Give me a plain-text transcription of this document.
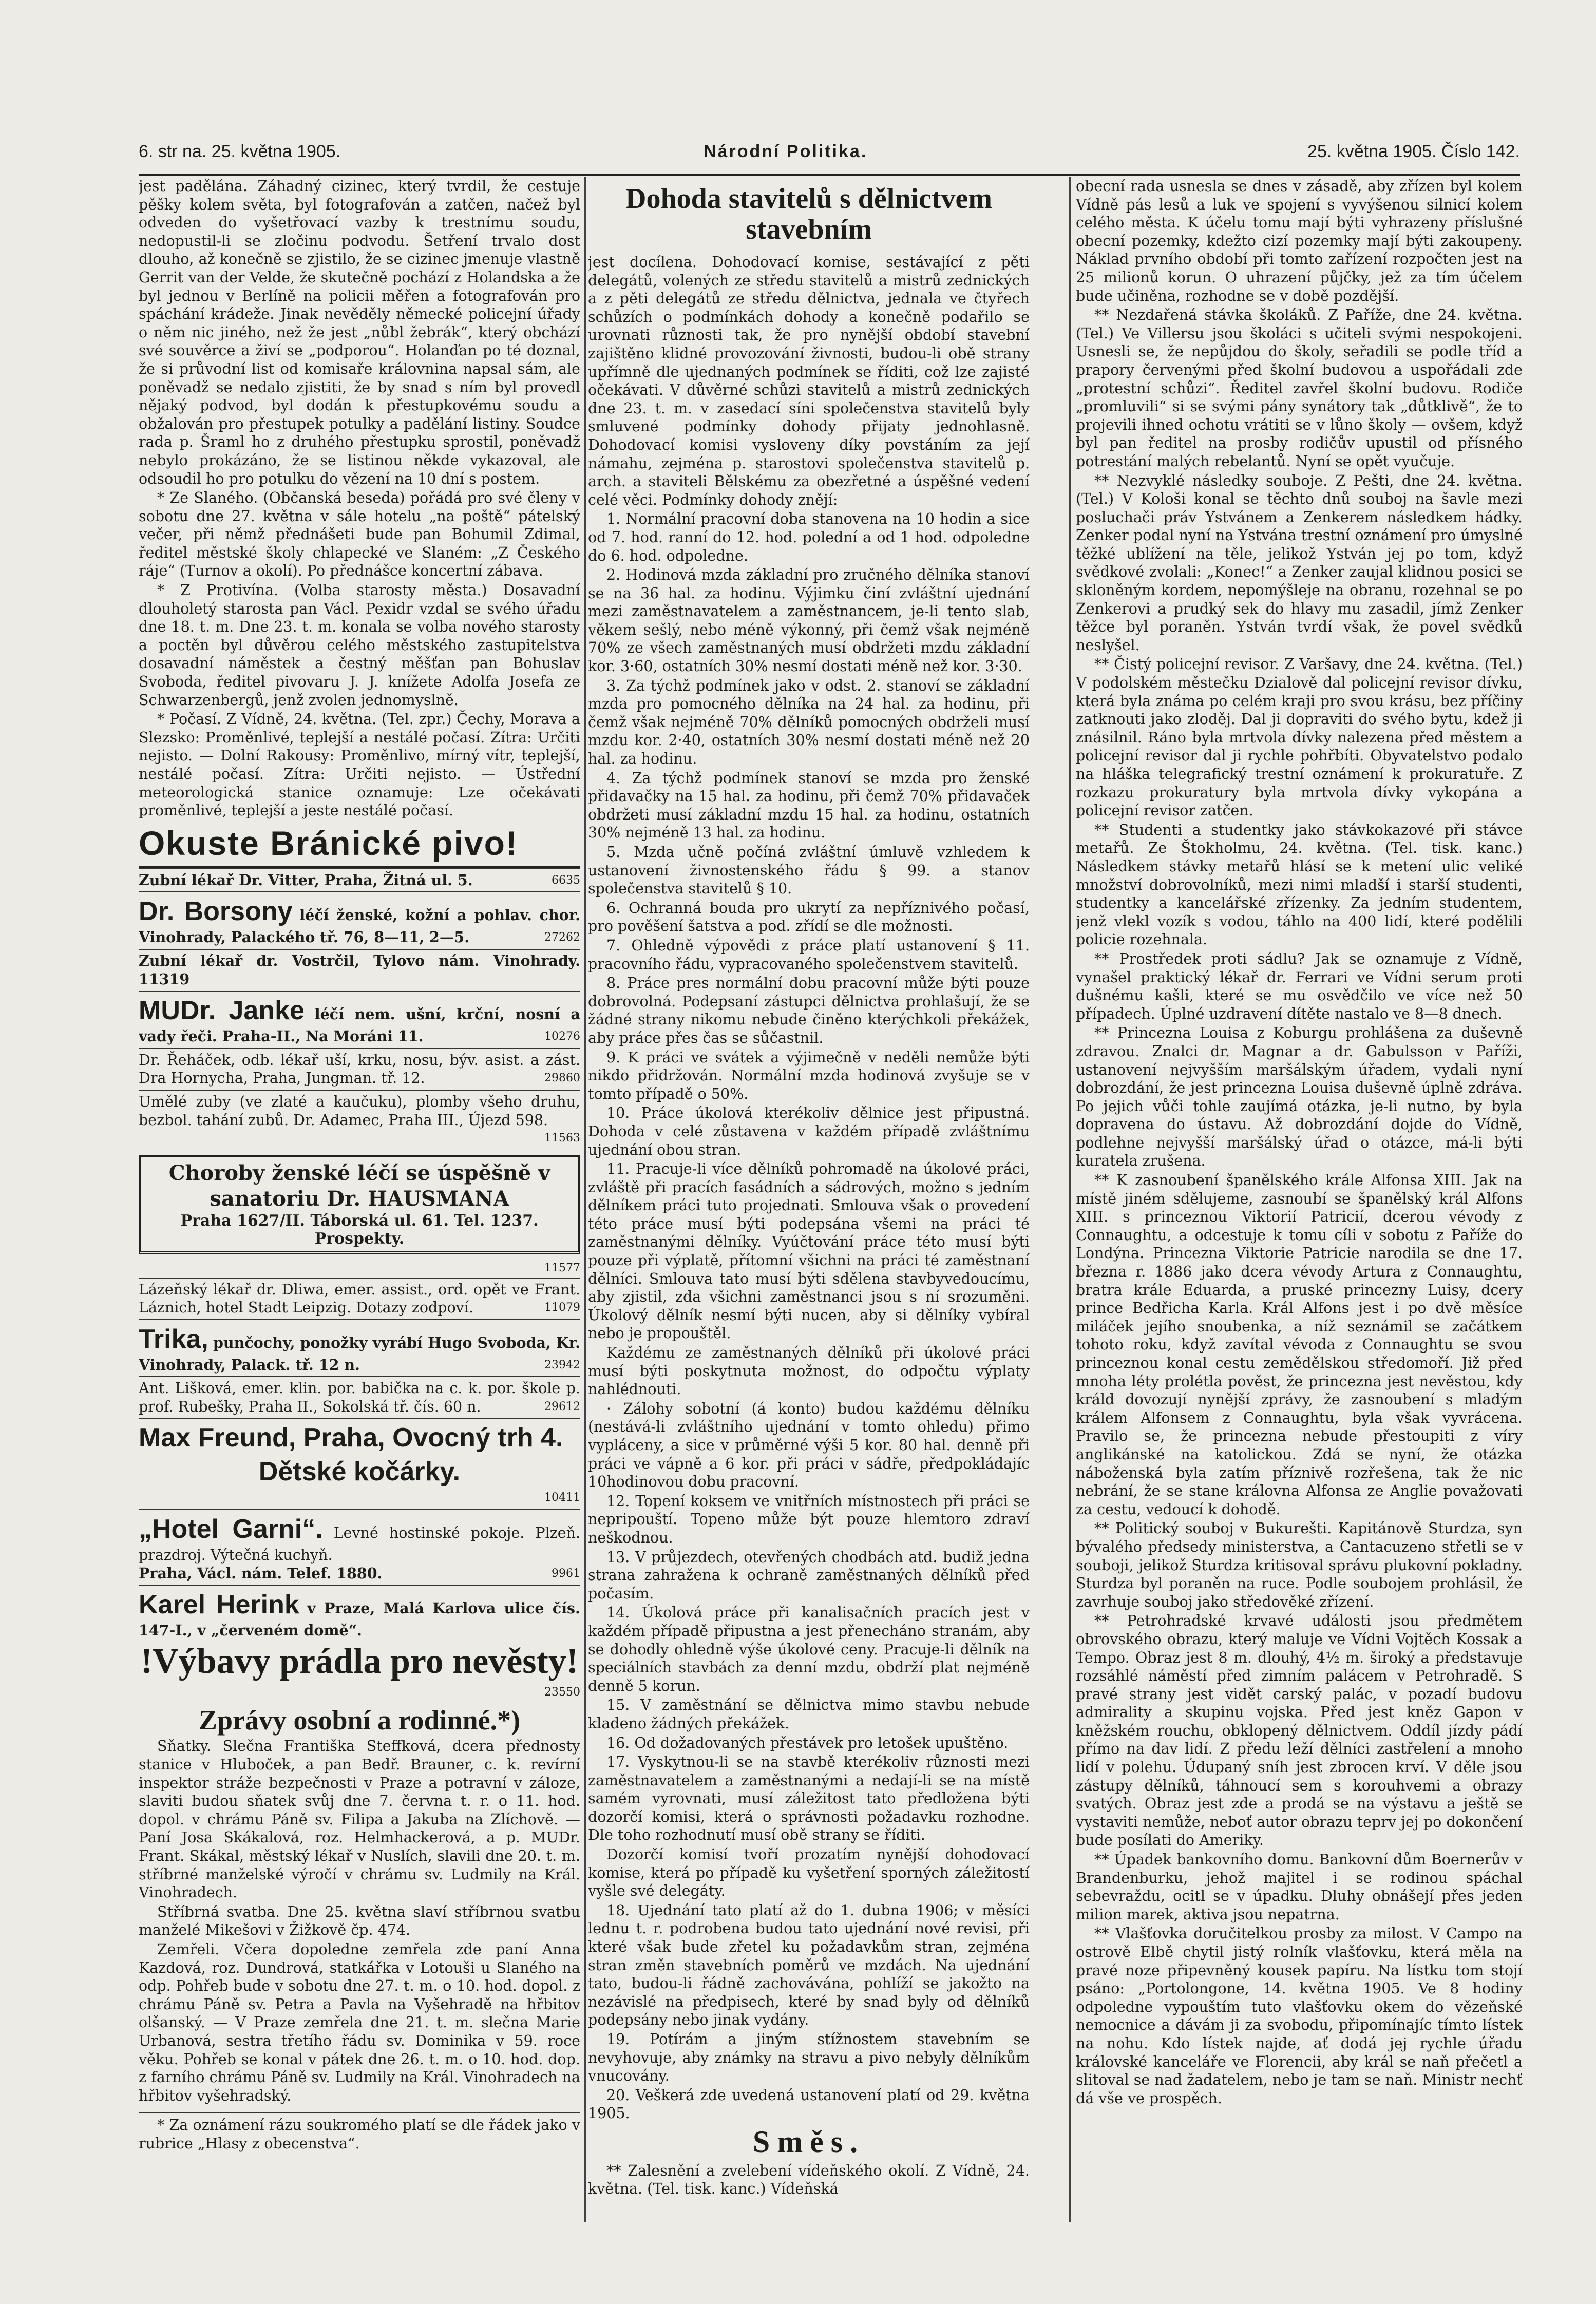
6. str na. 25. května 1905.	Národní Politika.	25. května 1905. Číslo 142.

jest padělána. Záhadný cizinec, který tvrdil, že cestuje pěšky kolem světa, byl fotografován a zatčen, načež byl odveden do vyšetřovací vazby k trestnímu soudu, nedopustil-li se zločinu podvodu. Šetření trvalo dost dlouho, až konečně se zjistilo, že se cizinec jmenuje vlastně Gerrit van der Velde, že skutečně pochází z Holandska a že byl jednou v Berlíně na policii měřen a fotografován pro spáchání krádeže. Jinak nevěděly německé policejní úřady o něm nic jiného, než že jest „nůbl žebrák“, který obchází své souvěrce a živí se „podporou“. Holanďan po té doznal, že si průvodní list od komisaře královnina napsal sám, ale poněvadž se nedalo zjistiti, že by snad s ním byl provedl nějaký podvod, byl dodán k přestupkovému soudu a obžalován pro přestupek potulky a padělání listiny. Soudce rada p. Šraml ho z druhého přestupku sprostil, poněvadž nebylo prokázáno, že se listinou někde vykazoval, ale odsoudil ho pro potulku do vězení na 10 dní s postem.

* Ze Slaného. (Občanská beseda) pořádá pro své členy v sobotu dne 27. května v sále hotelu „na poště“ pátelský večer, při němž přednášeti bude pan Bohumil Zdimal, ředitel městské školy chlapecké ve Slaném: „Z Českého ráje“ (Turnov a okolí). Po přednášce koncertní zábava.

* Z Protivína. (Volba starosty města.) Dosavadní dlouholetý starosta pan Václ. Pexidr vzdal se svého úřadu dne 18. t. m. Dne 23. t. m. konala se volba nového starosty a poctěn byl důvěrou celého městského zastupitelstva dosavadní náměstek a čestný měšťan pan Bohuslav Svoboda, ředitel pivovaru J. J. knížete Adolfa Josefa ze Schwarzenbergů, jenž zvolen jednomyslně.

* Počasí. Z Vídně, 24. května. (Tel. zpr.) Čechy, Morava a Slezsko: Proměnlivé, teplejší a nestálé počasí. Zítra: Určiti nejisto. — Dolní Rakousy: Proměnlivo, mírný vítr, teplejší, nestálé počasí. Zítra: Určiti nejisto. — Ústřední meteorologická stanice oznamuje: Lze očekávati proměnlivé, teplejší a jeste nestálé počasí.

Okuste Bránické pivo!
Zubní lékař Dr. Vitter, Praha, Žitná ul. 5.	6635
Dr. Borsony léčí ženské, kožní a pohlav. chor. Vinohrady, Palackého tř. 76, 8—11, 2—5.	27262
Zubní lékař dr. Vostrčil, Tylovo nám. Vinohrady. 11319
MUDr. Janke léčí nem. ušní, krční, nosní a vady řeči. Praha-II., Na Moráni 11.	10276
Dr. Řeháček, odb. lékař uší, krku, nosu, býv. asist. a zást. Dra Hornycha, Praha, Jungman. tř. 12.	29860
Umělé zuby (ve zlaté a kaučuku), plomby všeho druhu, bezbol. tahání zubů. Dr. Adamec, Praha III., Újezd 598.
11563
Choroby ženské léčí se úspěšně v sanatoriu Dr. HAUSMANA
Praha 1627/II. Táborská ul. 61. Tel. 1237. Prospekty.
11577
Lázeňský lékař dr. Dliwa, emer. assist., ord. opět ve Frant. Láznich, hotel Stadt Leipzig. Dotazy zodpoví.	11079
Trika, punčochy, ponožky vyrábí Hugo Svoboda, Kr. Vinohrady, Palack. tř. 12 n.	23942
Ant. Lišková, emer. klin. por. babička na c. k. por. škole p. prof. Rubešky, Praha II., Sokolská tř. čís. 60 n.	29612
Max Freund, Praha, Ovocný trh 4.
Dětské kočárky.
10411
„Hotel Garni“. Levné hostinské pokoje. Plzeň. prazdroj. Výtečná kuchyň.
Praha, Václ. nám. Telef. 1880.	9961
Karel Herink v Praze, Malá Karlova ulice čís. 147-I., v „červeném domě“.
!Výbavy prádla pro nevěsty!
23550
Zprávy osobní a rodinné.*)

Sňatky. Slečna Františka Steffková, dcera přednosty stanice v Hluboček, a pan Bedř. Brauner, c. k. revírní inspektor stráže bezpečnosti v Praze a potravní v záloze, slaviti budou sňatek svůj dne 7. června t. r. o 11. hod. dopol. v chrámu Páně sv. Filipa a Jakuba na Zlíchově. — Paní Josa Skákalová, roz. Helmhackerová, a p. MUDr. Frant. Skákal, městský lékař v Nuslích, slavili dne 20. t. m. stříbrné manželské výročí v chrámu sv. Ludmily na Král. Vinohradech.

Stříbrná svatba. Dne 25. května slaví stříbrnou svatbu manželé Mikešovi v Žižkově čp. 474.

Zemřeli. Včera dopoledne zemřela zde paní Anna Kazdová, roz. Dundrová, statkářka v Lotouši u Slaného na odp. Pohřeb bude v sobotu dne 27. t. m. o 10. hod. dopol. z chrámu Páně sv. Petra a Pavla na Vyšehradě na hřbitov olšanský. — V Praze zemřela dne 21. t. m. slečna Marie Urbanová, sestra třetího řádu sv. Dominika v 59. roce věku. Pohřeb se konal v pátek dne 26. t. m. o 10. hod. dop. z farního chrámu Páně sv. Ludmily na Král. Vinohradech na hřbitov vyšehradský.

* Za oznámení rázu soukromého platí se dle řádek jako v rubrice „Hlasy z obecenstva“.

Dohoda stavitelů s dělnictvem stavebním

jest docílena. Dohodovací komise, sestávající z pěti delegátů, volených ze středu stavitelů a mistrů zednických a z pěti delegátů ze středu dělnictva, jednala ve čtyřech schůzích o podmínkách dohody a konečně podařilo se urovnati různosti tak, že pro nynější období stavební zajištěno klidné provozování živnosti, budou-li obě strany upřímně dle ujednaných podmínek se říditi, což lze zajisté očekávati. V důvěrné schůzi stavitelů a mistrů zednických dne 23. t. m. v zasedací síni společenstva stavitelů byly smluvené podmínky dohody přijaty jednohlasně. Dohodovací komisi vysloveny díky povstáním za její námahu, zejména p. starostovi společenstva stavitelů p. arch. a staviteli Bělskému za obezřetné a úspěšné vedení celé věci. Podmínky dohody znějí:

1. Normální pracovní doba stanovena na 10 hodin a sice od 7. hod. ranní do 12. hod. polední a od 1 hod. odpoledne do 6. hod. odpoledne.

2. Hodinová mzda základní pro zručného dělníka stanoví se na 36 hal. za hodinu. Výjimku činí zvláštní ujednání mezi zaměstnavatelem a zaměstnancem, je-li tento slab, věkem sešlý, nebo méně výkonný, při čemž však nejméně 70% ze všech zaměstnaných musí obdržeti mzdu základní kor. 3·60, ostatních 30% nesmí dostati méně než kor. 3·30.

3. Za týchž podmínek jako v odst. 2. stanoví se základní mzda pro pomocného dělníka na 24 hal. za hodinu, při čemž však nejméně 70% dělníků pomocných obdrželi musí mzdu kor. 2·40, ostatních 30% nesmí dostati méně než 20 hal. za hodinu.

4. Za týchž podmínek stanoví se mzda pro ženské přidavačky na 15 hal. za hodinu, při čemž 70% přidavaček obdržeti musí základní mzdu 15 hal. za hodinu, ostatních 30% nejméně 13 hal. za hodinu.

5. Mzda učně počíná zvláštní úmluvě vzhledem k ustanovení živnostenského řádu § 99. a stanov společenstva stavitelů § 10.

6. Ochranná bouda pro ukrytí za nepříznivého počasí, pro pověšení šatstva a pod. zřídí se dle možnosti.

7. Ohledně výpovědi z práce platí ustanovení § 11. pracovního řádu, vypracovaného společenstvem stavitelů.

8. Práce pres normální dobu pracovní může býti pouze dobrovolná. Podepsaní zástupci dělnictva prohlašují, že se žádné strany nikomu nebude činěno kterýchkoli překážek, aby práce přes čas se sůčastnil.

9. K práci ve svátek a výjimečně v neděli nemůže býti nikdo přidržován. Normální mzda hodinová zvyšuje se v tomto případě o 50%.

10. Práce úkolová kterékoliv dělnice jest připustná. Dohoda v celé zůstavena v každém případě zvláštnímu ujednání obou stran.

11. Pracuje-li více dělníků pohromadě na úkolové práci, zvláště při pracích fasádních a sádrových, možno s jedním dělníkem práci tuto projednati. Smlouva však o provedení této práce musí býti podepsána všemi na práci té zaměstnanými dělníky. Vyúčtování práce této musí býti pouze při výplatě, přítomní všichni na práci té zaměstnaní dělníci. Smlouva tato musí býti sdělena stavbyvedoucímu, aby zjistil, zda všichni zaměstnanci jsou s ní srozuměni. Úkolový dělník nesmí býti nucen, aby si dělníky vybíral nebo je propouštěl.

Každému ze zaměstnaných dělníků při úkolové práci musí býti poskytnuta možnost, do odpočtu výplaty nahlédnouti.

· Zálohy sobotní (á konto) budou každému dělníku (nestává-li zvláštního ujednání v tomto ohledu) přimo vypláceny, a sice v průměrné výši 5 kor. 80 hal. denně při práci ve vápně a 6 kor. při práci v sádře, předpokládajíc 10hodinovou dobu pracovní.

12. Topení koksem ve vnitřních místnostech při práci se nepripouští. Topeno může být pouze hlemtoro zdraví neškodnou.

13. V průjezdech, otevřených chodbách atd. budiž jedna strana zahražena k ochraně zaměstnaných dělníků před počasím.

14. Úkolová práce při kanalisačních pracích jest v každém případě připustna a jest přenecháno stranám, aby se dohodly ohledně výše úkolové ceny. Pracuje-li dělník na speciálních stavbách za denní mzdu, obdrží plat nejméně denně 5 korun.

15. V zaměstnání se dělnictva mimo stavbu nebude kladeno žádných překážek.

16. Od dožadovaných přestávek pro letošek upuštěno.

17. Vyskytnou-li se na stavbě kterékoliv různosti mezi zaměstnavatelem a zaměstnanými a nedají-li se na místě samém vyrovnati, musí záležitost tato předložena býti dozorčí komisi, která o správnosti požadavku rozhodne. Dle toho rozhodnutí musí obě strany se říditi.

Dozorčí komisí tvoří prozatím nynější dohodovací komise, která po případě ku vyšetření sporných záležitostí vyšle své delegáty.

18. Ujednání tato platí až do 1. dubna 1906; v měsíci lednu t. r. podrobena budou tato ujednání nové revisi, při které však bude zřetel ku požadavkům stran, zejména stran změn stavebních poměrů ve mzdách. Na ujednání tato, budou-li řádně zachovávána, pohlíží se jakožto na nezávislé na předpisech, které by snad byly od dělníků podepsány nebo jinak vydány.

19. Potírám a jiným stížnostem stavebním se nevyhovuje, aby známky na stravu a pivo nebyly dělníkům vnucovány.

20. Veškerá zde uvedená ustanovení platí od 29. května 1905.

Směs.

** Zalesnění a zvelebení vídeňského okolí. Z Vídně, 24. května. (Tel. tisk. kanc.) Vídeňská

obecní rada usnesla se dnes v zásadě, aby zřízen byl kolem Vídně pás lesů a luk ve spojení s vyvýšenou silnicí kolem celého města. K účelu tomu mají býti vyhrazeny příslušné obecní pozemky, kdežto cizí pozemky mají býti zakoupeny. Náklad prvního období při tomto zařízení rozpočten jest na 25 milionů korun. O uhrazení půjčky, jež za tím účelem bude učiněna, rozhodne se v době pozdější.

** Nezdařená stávka školáků. Z Paříže, dne 24. května. (Tel.) Ve Villersu jsou školáci s učiteli svými nespokojeni. Usnesli se, že nepůjdou do školy, seřadili se podle tříd a prapory červenými před školní budovou a uspořádali zde „protestní schůzi“. Ředitel zavřel školní budovu. Rodiče „promluvili“ si se svými pány synátory tak „důtklivě“, že to projevili ihned ochotu vrátiti se v lůno školy — ovšem, když byl pan ředitel na prosby rodičův upustil od přísného potrestání malých rebelantů. Nyní se opět vyučuje.

** Nezvyklé následky souboje. Z Pešti, dne 24. května. (Tel.) V Kološi konal se těchto dnů souboj na šavle mezi posluchači práv Ystvánem a Zenkerem následkem hádky. Zenker podal nyní na Ystvána trestní oznámení pro úmyslné těžké ublížení na těle, jelikož Ystván jej po tom, když svědkové zvolali: „Konec!“ a Zenker zaujal klidnou posici se skloněným kordem, nepomýšleje na obranu, rozehnal se po Zenkerovi a prudký sek do hlavy mu zasadil, jímž Zenker těžce byl poraněn. Ystván tvrdí však, že povel svědků neslyšel.

** Čistý policejní revisor. Z Varšavy, dne 24. května. (Tel.) V podolském městečku Dzialově dal policejní revisor dívku, která byla známa po celém kraji pro svou krásu, bez příčiny zatknouti jako zloděj. Dal ji dopraviti do svého bytu, kdež ji znásilnil. Ráno byla mrtvola dívky nalezena před městem a policejní revisor dal ji rychle pohřbíti. Obyvatelstvo podalo na hláška telegrafický trestní oznámení k prokuratuře. Z rozkazu prokuratury byla mrtvola dívky vykopána a policejní revisor zatčen.

** Studenti a studentky jako stávkokazové při stávce metařů. Ze Štokholmu, 24. května. (Tel. tisk. kanc.) Následkem stávky metařů hlásí se k metení ulic veliké množství dobrovolníků, mezi nimi mladší i starší studenti, studentky a kancelářské zřízenky. Za jedním studentem, jenž vlekl vozík s vodou, táhlo na 400 lidí, které podělili policie rozehnala.

** Prostředek proti sádlu? Jak se oznamuje z Vídně, vynašel praktický lékař dr. Ferrari ve Vídni serum proti dušnému kašli, které se mu osvědčilo ve více než 50 případech. Úplné uzdravení dítěte nastalo ve 8—8 dnech.

** Princezna Louisa z Koburgu prohlášena za duševně zdravou. Znalci dr. Magnar a dr. Gabulsson v Paříži, ustanovení nejvyšším maršálským úřadem, vydali nyní dobrozdání, že jest princezna Louisa duševně úplně zdráva. Po jejich vůči tohle zaujímá otázka, je-li nutno, by byla dopravena do ústavu. Až dobrozdání dojde do Vídně, podlehne nejvyšší maršálský úřad o otázce, má-li býti kuratela zrušena.

** K zasnoubení španělského krále Alfonsa XIII. Jak na místě jiném sdělujeme, zasnoubí se španělský král Alfons XIII. s princeznou Viktorií Patricií, dcerou vévody z Connaughtu, a odcestuje k tomu cíli v sobotu z Paříže do Londýna. Princezna Viktorie Patricie narodila se dne 17. března r. 1886 jako dcera vévody Artura z Connaughtu, bratra krále Eduarda, a pruské princezny Luisy, dcery prince Bedřicha Karla. Král Alfons jest i po dvě měsíce miláček jejího snoubenka, a níž seznámil se začátkem tohoto roku, když zavítal vévoda z Connaughtu se svou princeznou konal cestu zemědělskou středomoří. Již před mnoha léty prolétla pověst, že princezna jest nevěstou, kdy králd dovozují nynější zprávy, že zasnoubení s mladým králem Alfonsem z Connaughtu, byla však vyvrácena. Pravilo se, že princezna nebude přestoupiti z víry anglikánské na katolickou. Zdá se nyní, že otázka náboženská byla zatím příznivě rozřešena, tak že nic nebrání, že se stane královna Alfonsa ze Anglie považovati za cestu, vedoucí k dohodě.

** Politický souboj v Bukurešti. Kapitánově Sturdza, syn bývalého předsedy ministerstva, a Cantacuzeno střetli se v souboji, jelikož Sturdza kritisoval správu plukovní pokladny. Sturdza byl poraněn na ruce. Podle soubojem prohlásil, že zavrhuje souboj jako středověké zřízení.

** Petrohradské krvavé události jsou předmětem obrovského obrazu, který maluje ve Vídni Vojtěch Kossak a Tempo. Obraz jest 8 m. dlouhý, 4½ m. široký a představuje rozsáhlé náměstí před zimním palácem v Petrohradě. S pravé strany jest vidět carský palác, v pozadí budovu admirality a skupinu vojska. Před jest kněz Gapon v kněžském rouchu, obklopený dělnictvem. Oddíl jízdy pádí přímo na dav lidí. Z předu leží dělníci zastřelení a mnoho lidí v polehu. Údupaný sníh jest zbrocen krví. V děle jsou zástupy dělníků, táhnoucí sem s korouhvemi a obrazy svatých. Obraz jest zde a prodá se na výstavu a ještě se vystaviti nemůže, neboť autor obrazu teprv jej po dokončení bude posílati do Ameriky.

** Úpadek bankovního domu. Bankovní dům Boernerův v Brandenburku, jehož majitel i se rodinou spáchal sebevraždu, ocitl se v úpadku. Dluhy obnášejí přes jeden milion marek, aktiva jsou nepatrna.

** Vlašťovka doručitelkou prosby za milost. V Campo na ostrově Elbě chytil jistý rolník vlašťovku, která měla na pravé noze připevněný kousek papíru. Na lístku tom stojí psáno: „Portolongone, 14. května 1905. Ve 8 hodiny odpoledne vypouštím tuto vlašťovku okem do vězeňské nemocnice a dávám ji za svobodu, připomínajíc tímto lístek na nohu. Kdo lístek najde, ať dodá jej rychle úřadu královské kanceláře ve Florencii, aby král se naň přečetl a slitoval se nad žadatelem, nebo je tam se naň. Ministr nechť dá vše ve prospěch.
